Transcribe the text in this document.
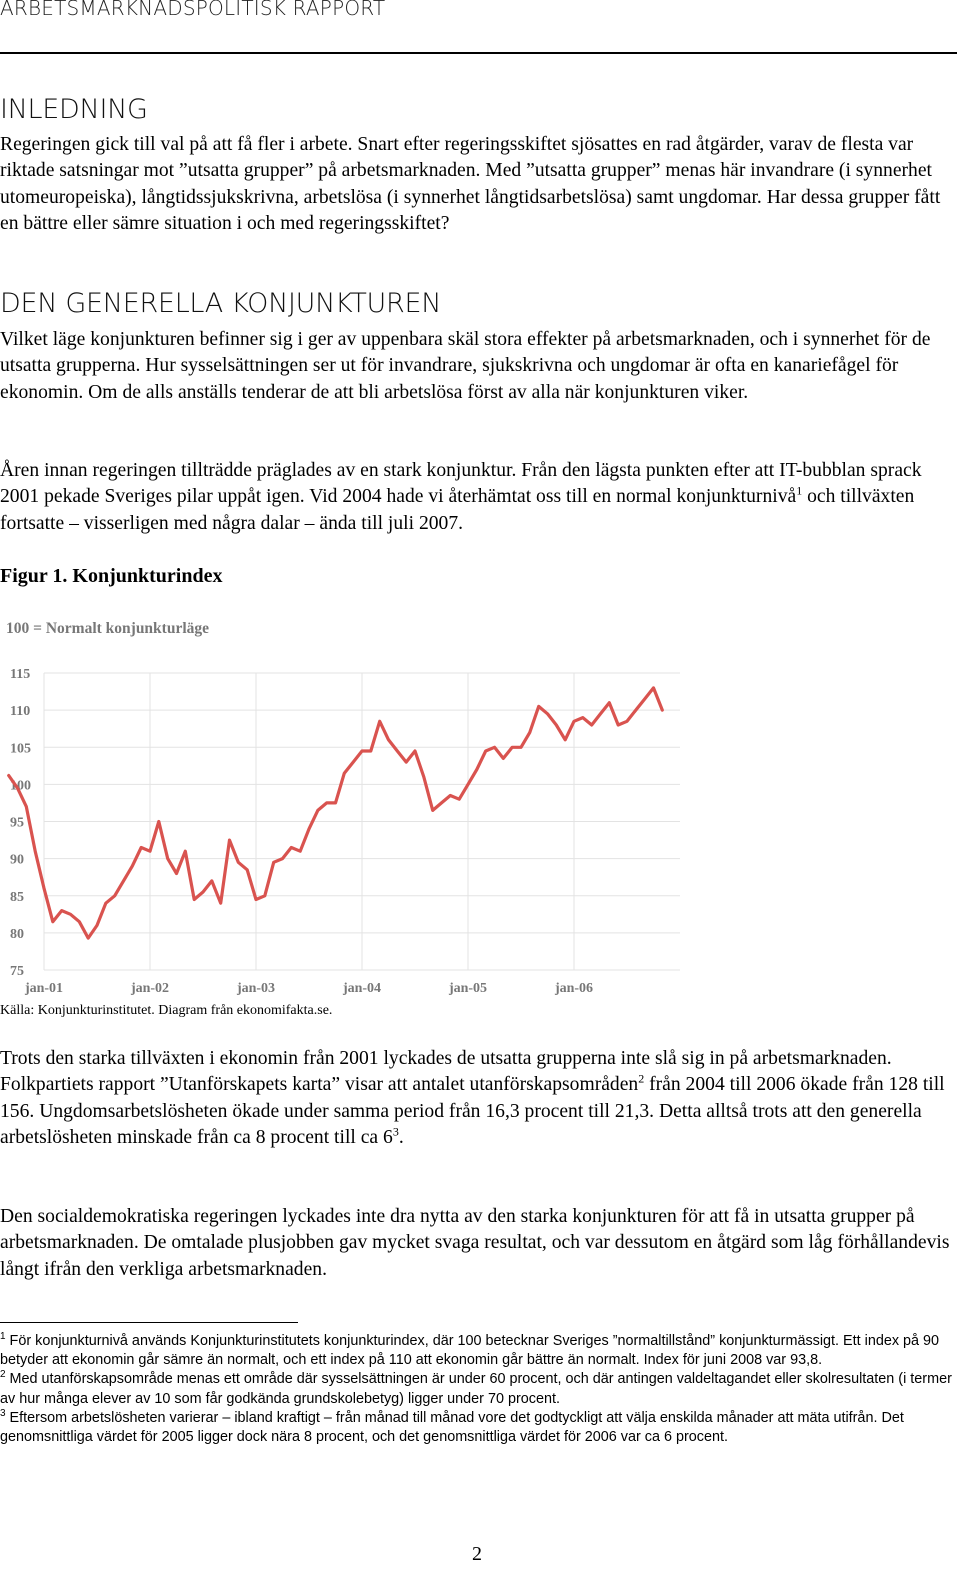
ARBETSMARKNADSPOLITISK RAPPORT
INLEDNING

Regeringen gick till val på att få fler i arbete. Snart efter regeringsskiftet sjösattes en rad åtgärder, varav de flesta var riktade satsningar mot ”utsatta grupper” på arbetsmarknaden. Med ”utsatta grupper” menas här invandrare (i synnerhet utomeuropeiska), långtidssjukskrivna, arbetslösa (i synnerhet långtidsarbetslösa) samt ungdomar. Har dessa grupper fått en bättre eller sämre situation i och med regeringsskiftet?

DEN GENERELLA KONJUNKTUREN

Vilket läge konjunkturen befinner sig i ger av uppenbara skäl stora effekter på arbetsmarknaden, och i synnerhet för de utsatta grupperna. Hur sysselsättningen ser ut för invandrare, sjukskrivna och ungdomar är ofta en kanariefågel för ekonomin. Om de alls anställs tenderar de att bli arbetslösa först av alla när konjunkturen viker.

Åren innan regeringen tillträdde präglades av en stark konjunktur. Från den lägsta punkten efter att IT-bubblan sprack 2001 pekade Sveriges pilar uppåt igen. Vid 2004 hade vi återhämtat oss till en normal konjunkturnivå$^1$ och tillväxten fortsatte – visserligen med några dalar – ända till juli 2007.

Figur 1. Konjunkturindex
100 = Normalt konjunkturläge
75
80
85
90
95
100
105
110
115
jan-01	jan-02	jan-03	jan-04	jan-05	jan-06
Källa: Konjunkturinstitutet. Diagram från ekonomifakta.se.

Trots den starka tillväxten i ekonomin från 2001 lyckades de utsatta grupperna inte slå sig in på arbetsmarknaden. Folkpartiets rapport ”Utanförskapets karta” visar att antalet utanförskapsområden$^2$ från 2004 till 2006 ökade från 128 till 156. Ungdomsarbetslösheten ökade under samma period från 16,3 procent till 21,3. Detta alltså trots att den generella arbetslösheten minskade från ca 8 procent till ca $6^3$.

Den socialdemokratiska regeringen lyckades inte dra nytta av den starka konjunkturen för att få in utsatta grupper på arbetsmarknaden. De omtalade plusjobben gav mycket svaga resultat, och var dessutom en åtgärd som låg förhållandevis långt ifrån den verkliga arbetsmarknaden.

$^1$ För konjunkturnivå används Konjunkturinstitutets konjunkturindex, där 100 betecknar Sveriges ”normaltillstånd” konjunkturmässigt. Ett index på 90 betyder att ekonomin går sämre än normalt, och ett index på 110 att ekonomin går bättre än normalt. Index för juni 2008 var 93,8.

$^2$ Med utanförskapsområde menas ett område där sysselsättningen är under 60 procent, och där antingen valdeltagandet eller skolresultaten (i termer av hur många elever av 10 som får godkända grundskolebetyg) ligger under 70 procent.

$^3$ Eftersom arbetslösheten varierar – ibland kraftigt – från månad till månad vore det godtyckligt att välja enskilda månader att mäta utifrån. Det genomsnittliga värdet för 2005 ligger dock nära 8 procent, och det genomsnittliga värdet för 2006 var ca 6 procent.

2
